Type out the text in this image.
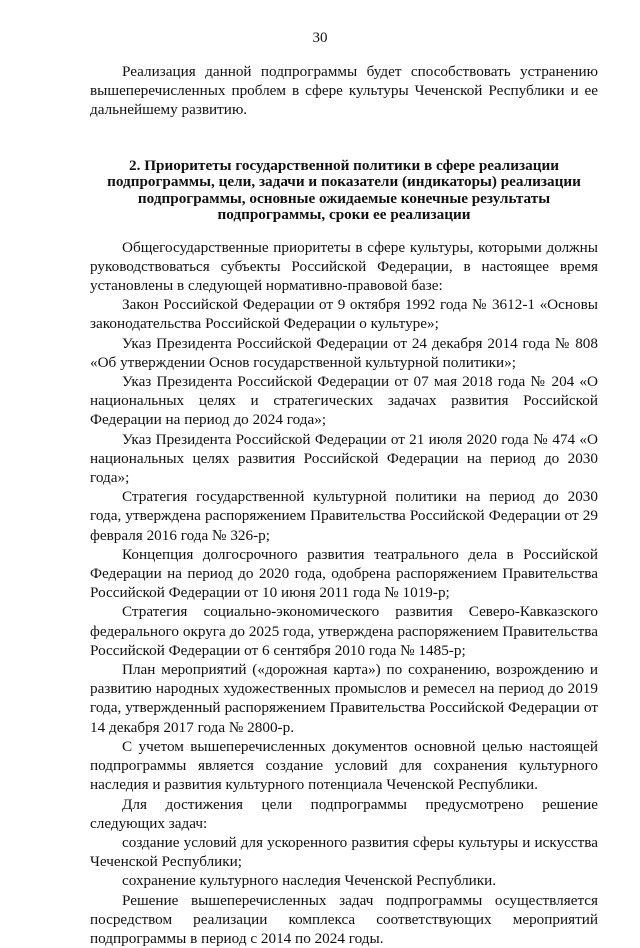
30

Реализация данной подпрограммы будет способствовать устранению вышеперечисленных проблем в сфере культуры Чеченской Республики и ее дальнейшему развитию.

2. Приоритеты государственной политики в сфере реализации подпрограммы, цели, задачи и показатели (индикаторы) реализации подпрограммы, основные ожидаемые конечные результаты подпрограммы, сроки ее реализации

Общегосударственные приоритеты в сфере культуры, которыми должны руководствоваться субъекты Российской Федерации, в настоящее время установлены в следующей нормативно-правовой базе:

Закон Российской Федерации от 9 октября 1992 года № 3612-1 «Основы законодательства Российской Федерации о культуре»;

Указ Президента Российской Федерации от 24 декабря 2014 года № 808 «Об утверждении Основ государственной культурной политики»;

Указ Президента Российской Федерации от 07 мая 2018 года № 204 «О национальных целях и стратегических задачах развития Российской Федерации на период до 2024 года»;

Указ Президента Российской Федерации от 21 июля 2020 года № 474 «О национальных целях развития Российской Федерации на период до 2030 года»;

Стратегия государственной культурной политики на период до 2030 года, утверждена распоряжением Правительства Российской Федерации от 29 февраля 2016 года № 326-р;

Концепция долгосрочного развития театрального дела в Российской Федерации на период до 2020 года, одобрена распоряжением Правительства Российской Федерации от 10 июня 2011 года № 1019-р;

Стратегия социально-экономического развития Северо-Кавказского федерального округа до 2025 года, утверждена распоряжением Правительства Российской Федерации от 6 сентября 2010 года № 1485-р;

План мероприятий («дорожная карта») по сохранению, возрождению и развитию народных художественных промыслов и ремесел на период до 2019 года, утвержденный распоряжением Правительства Российской Федерации от 14 декабря 2017 года № 2800-р.

С учетом вышеперечисленных документов основной целью настоящей подпрограммы является создание условий для сохранения культурного наследия и развития культурного потенциала Чеченской Республики.

Для достижения цели подпрограммы предусмотрено решение следующих задач:

создание условий для ускоренного развития сферы культуры и искусства Чеченской Республики;

сохранение культурного наследия Чеченской Республики.

Решение вышеперечисленных задач подпрограммы осуществляется посредством реализации комплекса соответствующих мероприятий подпрограммы в период с 2014 по 2024 годы.
